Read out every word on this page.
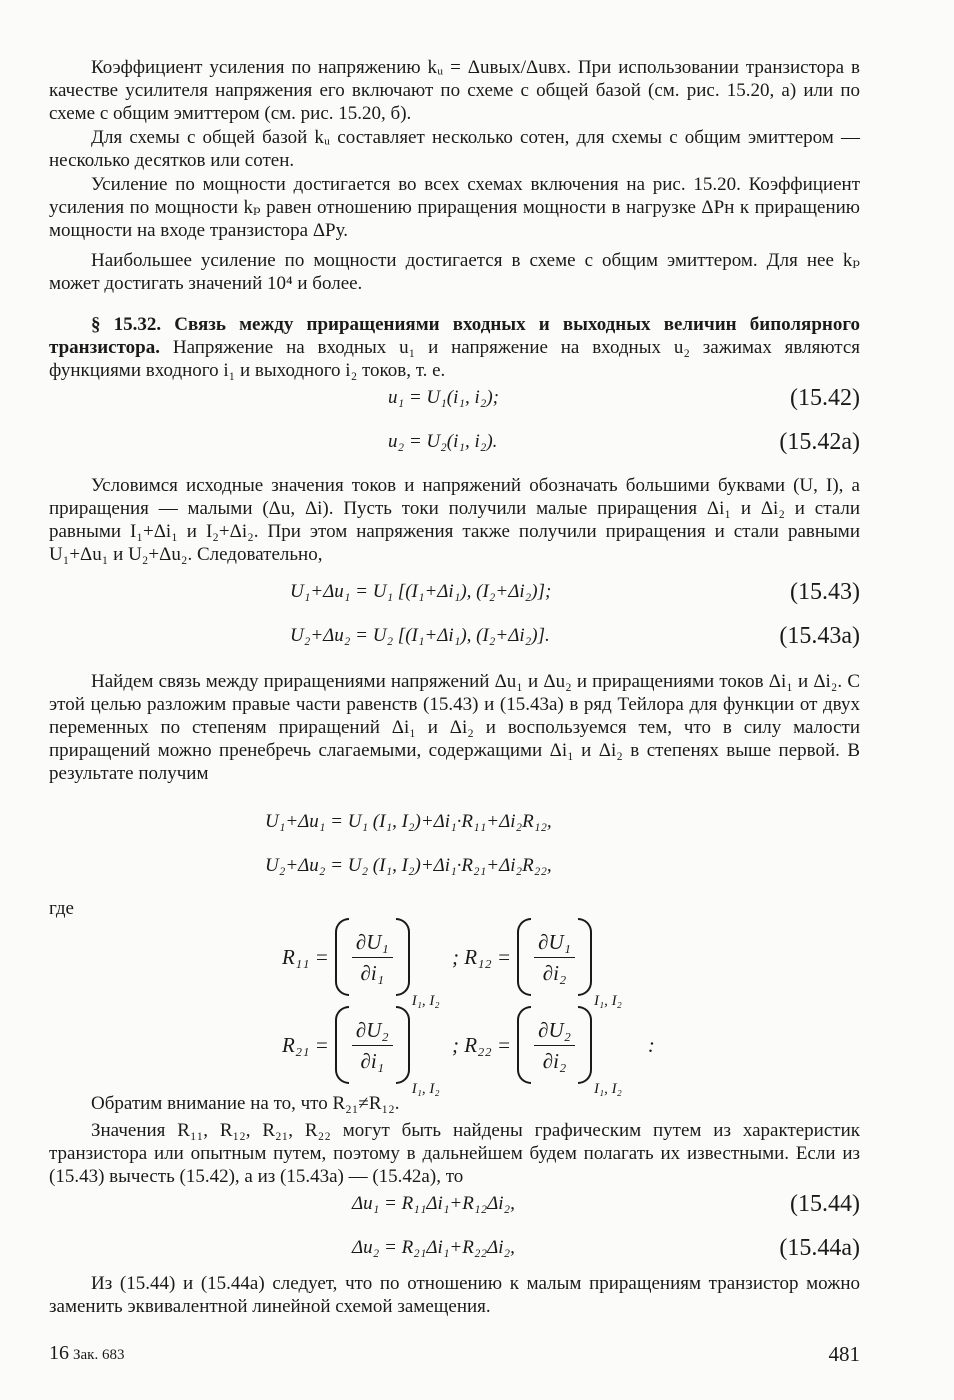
Коэффициент усиления по напряжению kᵤ = Δuвых/Δuвх. При использовании транзистора в качестве усилителя напряжения его включают по схеме с общей базой (см. рис. 15.20, а) или по схеме с общим эмиттером (см. рис. 15.20, б).

Для схемы с общей базой kᵤ составляет несколько сотен, для схемы с общим эмиттером — несколько десятков или сотен.

Усиление по мощности достигается во всех схемах включения на рис. 15.20. Коэффициент усиления по мощности kₚ равен отношению приращения мощности в нагрузке ΔPн к приращению мощности на входе транзистора ΔPу.

Наибольшее усиление по мощности достигается в схеме с общим эмиттером. Для нее kₚ может достигать значений 10⁴ и более.

§ 15.32. Связь между приращениями входных и выходных величин биполярного транзистора. Напряжение на входных u₁ и напряжение на входных u₂ зажимах являются функциями входного i₁ и выходного i₂ токов, т. е.

u₁ = U₁(i₁, i₂);	(15.42)
u₂ = U₂(i₁, i₂).	(15.42a)

Условимся исходные значения токов и напряжений обозначать большими буквами (U, I), а приращения — малыми (Δu, Δi). Пусть токи получили малые приращения Δi₁ и Δi₂ и стали равными I₁+Δi₁ и I₂+Δi₂. При этом напряжения также получили приращения и стали равными U₁+Δu₁ и U₂+Δu₂. Следовательно,

U₁+Δu₁ = U₁ [(I₁+Δi₁), (I₂+Δi₂)];	(15.43)
U₂+Δu₂ = U₂ [(I₁+Δi₁), (I₂+Δi₂)].	(15.43a)

Найдем связь между приращениями напряжений Δu₁ и Δu₂ и приращениями токов Δi₁ и Δi₂. С этой целью разложим правые части равенств (15.43) и (15.43а) в ряд Тейлора для функции от двух переменных по степеням приращений Δi₁ и Δi₂ и воспользуемся тем, что в силу малости приращений можно пренебречь слагаемыми, содержащими Δi₁ и Δi₂ в степенях выше первой. В результате получим

U₁+Δu₁ = U₁ (I₁, I₂)+Δi₁·R₁₁+Δi₂R₁₂,
U₂+Δu₂ = U₂ (I₁, I₂)+Δi₁·R₂₁+Δi₂R₂₂,
где
$R_{11} = \frac{\text{∂U₁}}{\text{∂i₁}}$
I₁, I₂
; $R_{12} = \frac{\text{∂U₁}}{\text{∂i₂}}$
I₁, I₂
$R_{21} = \frac{\text{∂U₂}}{\text{∂i₁}}$
I₁, I₂
; $R_{22} = \frac{\text{∂U₂}}{\text{∂i₂}}$
I₁, I₂
:

Обратим внимание на то, что R₂₁≠R₁₂.

Значения R₁₁, R₁₂, R₂₁, R₂₂ могут быть найдены графическим путем из характеристик транзистора или опытным путем, поэтому в дальнейшем будем полагать их известными. Если из (15.43) вычесть (15.42), а из (15.43а) — (15.42а), то

Δu₁ = R₁₁Δi₁+R₁₂Δi₂,	(15.44)
Δu₂ = R₂₁Δi₁+R₂₂Δi₂,	(15.44a)

Из (15.44) и (15.44а) следует, что по отношению к малым приращениям транзистор можно заменить эквивалентной линейной схемой замещения.

16 Зак. 683	481
